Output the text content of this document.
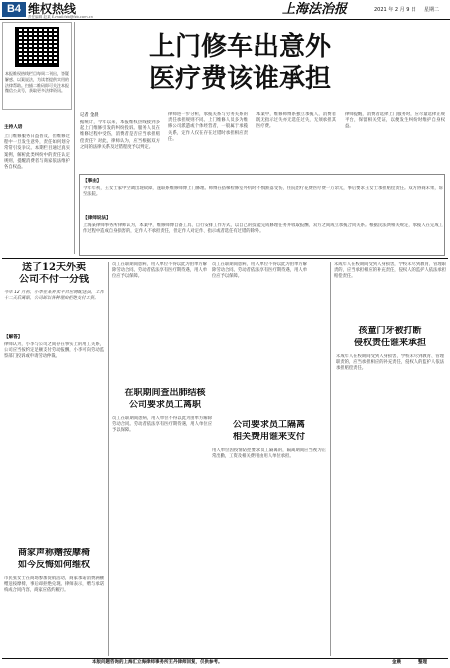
B4 维权热线
责任编辑 赵某 E-mail:fzb@fzb.com.cn	上海法治报	2021 年 2 月 9 日	星期二
本报维权热线栏目每周二刊出，答疑解惑、以案说法，为读者提供实用的法律帮助。扫描二维码即可关注本报微信公众号，获取更多法律资讯。
主持人语
上门维修服务日益普及，但维修过程中一旦发生意外，责任如何划分常常引发争议。本期栏目通过真实案例，解析此类纠纷中的责任认定规则，提醒消费者与商家依法维护各自权益。
上门修车出意外
医疗费该谁承担
记者 金晨
据统计，今年以来，本报维权热线接到多起上门维修引发的纠纷投诉。服务人员在维修过程中受伤，消费者是否应当承担赔偿责任？对此，律师认为，应当根据双方之间的法律关系及过错程度予以判定。
律师进一步分析，承揽关系与劳务关系的责任承担规则不同。上门维修人员多为维修公司派遣或个体经营者，一般属于承揽关系，定作人仅在存在过错时承担相应责任。
本案中，维修师傅系独立承揽人，消费者既无指示过失亦无选任过失，无须承担其医疗费。
律师提醒，消费者选择上门服务时，应尽量选择正规平台，保留相关凭证，以便发生纠纷时维护自身权益。
【事由】
今年年初，王女士家中空调出现故障，遂联系维修师傅上门修理。师傅在搭梯检修室外机时不慎跌落受伤，住院治疗花费医疗费一万余元，事后要求王女士承担赔偿责任。双方协商未果，诉至法院。
【律师说法】
上海某律师事务所律师认为，本案中，维修师傅自备工具、自行安排工作方式，以自己的技能完成修理任务并收取报酬，双方之间成立承揽合同关系。根据民法典相关规定，承揽人在完成工作过程中造成自身损害的，定作人不承担责任，但定作人对定作、指示或者选任有过错的除外。
送了12天外卖
公司不付一分钱
今年 12 月初，小李在某外卖平台应聘配送员，工作十二天后离职，公司却以各种理由拒绝支付工资。
【解答】
律师认为，小李与公司之间存在事实上的用工关系，公司应当按约定足额支付劳动报酬，小李可向劳动监察部门投诉或申请劳动仲裁。
商家声称赠按摩椅
如今反悔如何维权
市民张女士在商场参加促销活动，商家承诺消费满额赠送按摩椅，事后却拒绝兑现。律师表示，赠与承诺构成合同内容，商家应依约履行。
员工在职期间患病，用人单位不得以此为由单方解除劳动合同。劳动者依法享有医疗期待遇，用人单位应予以保障。
员工在职期间患病，用人单位不得以此为由单方解除劳动合同。劳动者依法享有医疗期待遇，用人单位应予以保障。
在职期间査出肺结核
公司要求员工离职
员工在职期间患病，用人单位不得以此为由单方解除劳动合同。劳动者依法享有医疗期待遇，用人单位应予以保障。
公司要求员工隔离
相关费用谁来支付
用人单位因疫情防控要求员工隔离的，隔离期间应当视为正常出勤，工资及相关费用由用人单位承担。
未成年人在校期间受到人身损害，学校未尽到教育、管理职责的，应当承担相应的补充责任，侵权人的监护人依法承担赔偿责任。
孩童门牙被打断
侵权责任谁来承担
未成年人在校期间受到人身损害，学校未尽到教育、管理职责的，应当承担相应的补充责任，侵权人的监护人依法承担赔偿责任。
本版问题咨询的上海汇立海律师事务所王丹律师回复，仅供参考。	金晨	整理
